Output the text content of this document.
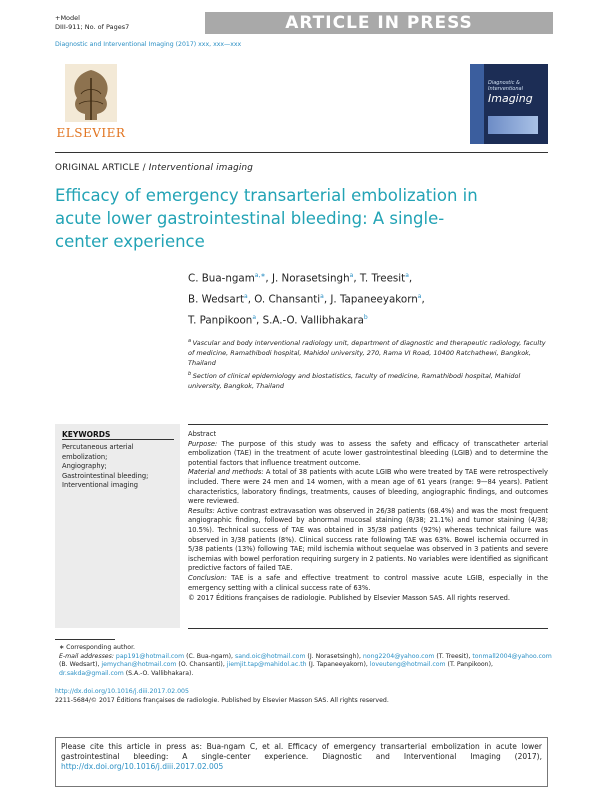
+Model
DIII-911; No. of Pages7	ARTICLE IN PRESS
Diagnostic and Interventional Imaging (2017) xxx, xxx—xxx
ELSEVIER
Diagnostic & Interventional
Imaging
ORIGINAL ARTICLE / Interventional imaging
Efficacy of emergency transarterial embolization in acute lower gastrointestinal bleeding: A single-center experience
C. Bua-ngam$^{a,∗}$, J. Norasetsingh$^a$, T. Treesit$^a$,
B. Wedsart$^a$, O. Chansanti$^a$, J. Tapaneeyakorn$^a$,
T. Panpikoon$^a$, S.A.-O. Vallibhakara$^b$

$^a$ Vascular and body interventional radiology unit, department of diagnostic and therapeutic radiology, faculty of medicine, Ramathibodi hospital, Mahidol university, 270, Rama VI Road, 10400 Ratchathewi, Bangkok, Thailand

$^b$ Section of clinical epidemiology and biostatistics, faculty of medicine, Ramathibodi hospital, Mahidol university, Bangkok, Thailand

KEYWORDS
Percutaneous arterial embolization;
Angiography;
Gastrointestinal bleeding;
Interventional imaging

Abstract

Purpose: The purpose of this study was to assess the safety and efficacy of transcatheter arterial embolization (TAE) in the treatment of acute lower gastrointestinal bleeding (LGIB) and to determine the potential factors that influence treatment outcome.

Material and methods: A total of 38 patients with acute LGIB who were treated by TAE were retrospectively included. There were 24 men and 14 women, with a mean age of 61 years (range: 9—84 years). Patient characteristics, laboratory findings, treatments, causes of bleeding, angiographic findings, and outcomes were reviewed.

Results: Active contrast extravasation was observed in 26/38 patients (68.4%) and was the most frequent angiographic finding, followed by abnormal mucosal staining (8/38; 21.1%) and tumor staining (4/38; 10.5%). Technical success of TAE was obtained in 35/38 patients (92%) whereas technical failure was observed in 3/38 patients (8%). Clinical success rate following TAE was 63%. Bowel ischemia occurred in 5/38 patients (13%) following TAE; mild ischemia without sequelae was observed in 3 patients and severe ischemias with bowel perforation requiring surgery in 2 patients. No variables were identified as significant predictive factors of failed TAE.

Conclusion: TAE is a safe and effective treatment to control massive acute LGIB, especially in the emergency setting with a clinical success rate of 63%.

© 2017 Éditions françaises de radiologie. Published by Elsevier Masson SAS. All rights reserved.

∗ Corresponding author.
E-mail addresses: pap191@hotmail.com (C. Bua-ngam), sand.oic@hotmail.com (J. Norasetsingh), nong2204@yahoo.com (T. Treesit), tonmall2004@yahoo.com (B. Wedsart), jemychan@hotmail.com (O. Chansanti), jiemjit.tap@mahidol.ac.th (J. Tapaneeyakorn), loveuteng@hotmail.com (T. Panpikoon), dr.sakda@gmail.com (S.A.-O. Vallibhakara).
http://dx.doi.org/10.1016/j.diii.2017.02.005
2211-5684/© 2017 Éditions françaises de radiologie. Published by Elsevier Masson SAS. All rights reserved.
Please cite this article in press as: Bua-ngam C, et al. Efficacy of emergency transarterial embolization in acute lower gastrointestinal bleeding: A single-center experience. Diagnostic and Interventional Imaging (2017), http://dx.doi.org/10.1016/j.diii.2017.02.005
